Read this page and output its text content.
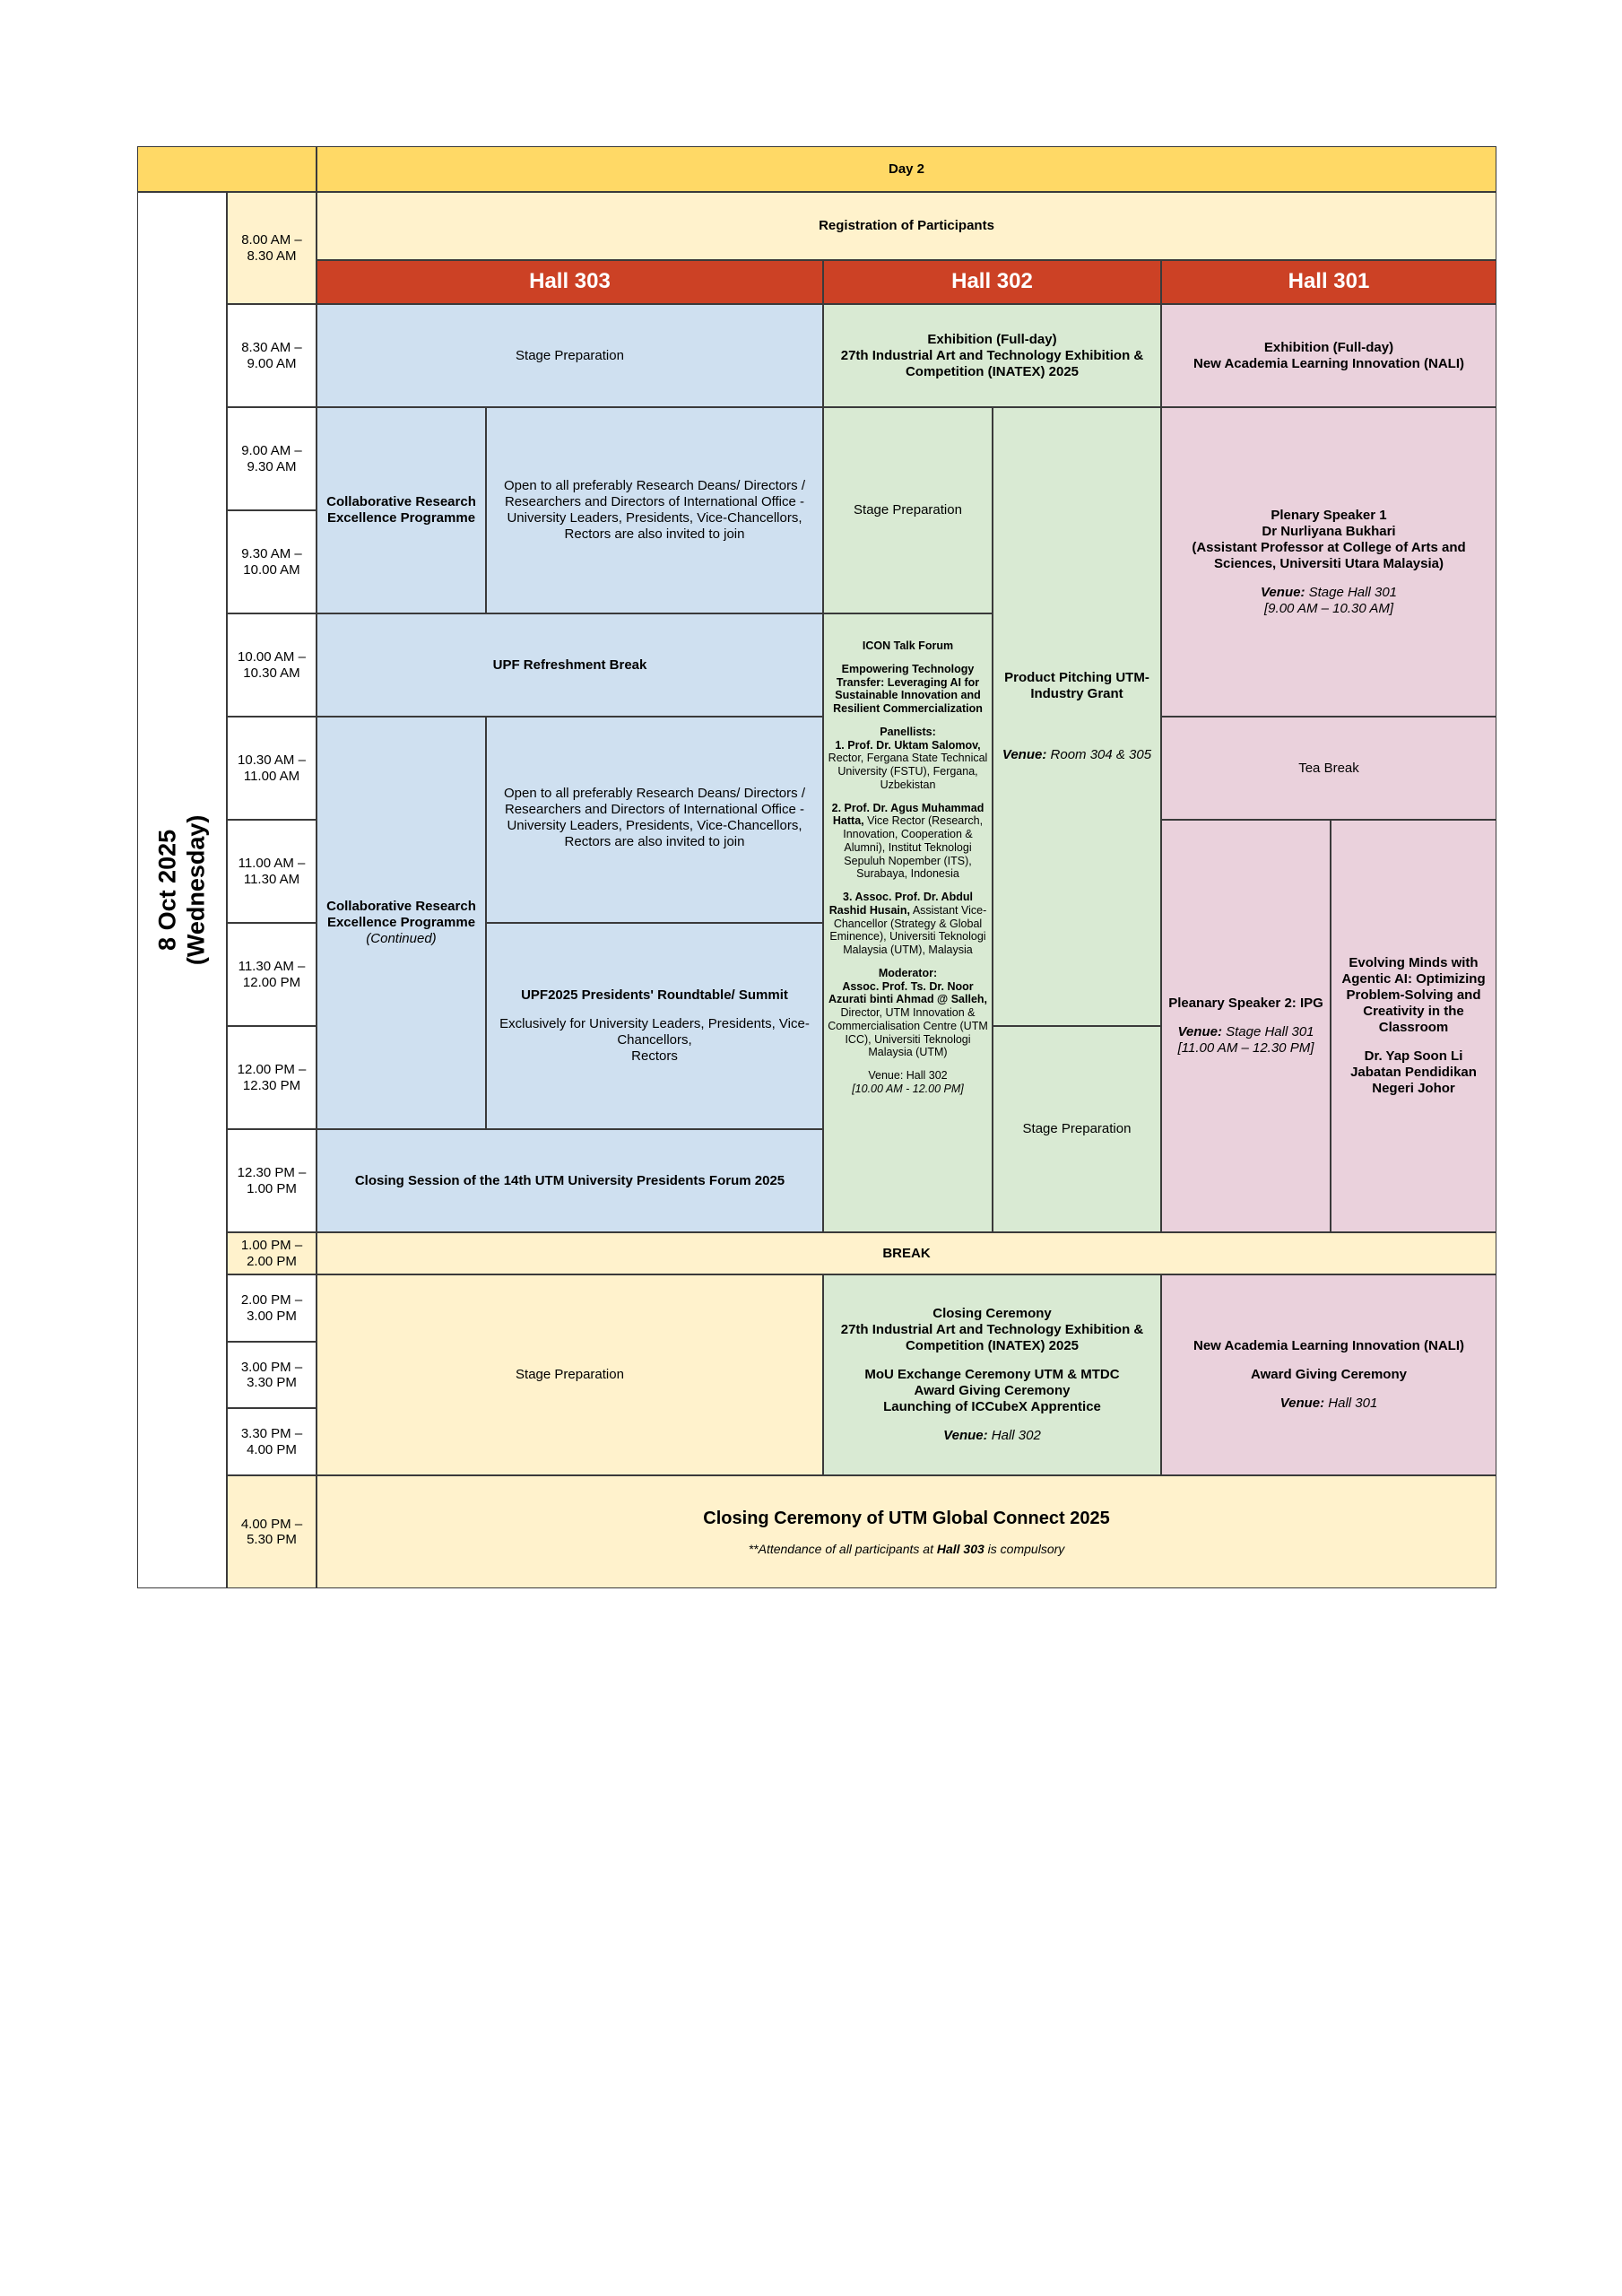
Day 2
8 Oct 2025 (Wednesday)
8.00 AM –
8.30 AM
8.30 AM –
9.00 AM
9.00 AM –
9.30 AM
9.30 AM –
10.00 AM
10.00 AM –
10.30 AM
10.30 AM –
11.00 AM
11.00 AM –
11.30 AM
11.30 AM –
12.00 PM
12.00 PM –
12.30 PM
12.30 PM –
1.00 PM
1.00 PM –
2.00 PM
2.00 PM –
3.00 PM
3.00 PM –
3.30 PM
3.30 PM –
4.00 PM
4.00 PM –
5.30 PM
Registration of Participants
Hall 303	Hall 302	Hall 301
Stage Preparation
Collaborative Research Excellence Programme
Open to all preferably Research Deans/ Directors / Researchers and Directors of International Office - University Leaders, Presidents, Vice-Chancellors, Rectors are also invited to join
UPF Refreshment Break
Collaborative Research Excellence Programme
(Continued)
Open to all preferably Research Deans/ Directors / Researchers and Directors of International Office - University Leaders, Presidents, Vice-Chancellors, Rectors are also invited to join
UPF2025 Presidents' Roundtable/ Summit
Exclusively for University Leaders, Presidents, Vice-Chancellors,
Rectors
Closing Session of the 14th UTM University Presidents Forum 2025
Exhibition (Full-day)
27th Industrial Art and Technology Exhibition & Competition (INATEX) 2025
Stage Preparation
ICON Talk Forum
Empowering Technology Transfer: Leveraging AI for Sustainable Innovation and Resilient Commercialization
Panellists:
1. Prof. Dr. Uktam Salomov, Rector, Fergana State Technical University (FSTU), Fergana, Uzbekistan
2. Prof. Dr. Agus Muhammad Hatta, Vice Rector (Research, Innovation, Cooperation & Alumni), Institut Teknologi Sepuluh Nopember (ITS), Surabaya, Indonesia
3. Assoc. Prof. Dr. Abdul Rashid Husain, Assistant Vice-Chancellor (Strategy & Global Eminence), Universiti Teknologi Malaysia (UTM), Malaysia
Moderator:
Assoc. Prof. Ts. Dr. Noor Azurati binti Ahmad @ Salleh, Director, UTM Innovation & Commercialisation Centre (UTM ICC), Universiti Teknologi Malaysia (UTM)
Venue: Hall 302
[10.00 AM - 12.00 PM]
Product Pitching UTM-Industry Grant
Venue: Room 304 & 305
Stage Preparation
Closing Ceremony
27th Industrial Art and Technology Exhibition & Competition (INATEX) 2025
MoU Exchange Ceremony UTM & MTDC
Award Giving Ceremony
Launching of ICCubeX Apprentice
Venue: Hall 302
Exhibition (Full-day)
New Academia Learning Innovation (NALI)
Plenary Speaker 1
Dr Nurliyana Bukhari
(Assistant Professor at College of Arts and Sciences, Universiti Utara Malaysia)
Venue: Stage Hall 301
[9.00 AM – 10.30 AM]
Tea Break
Pleanary Speaker 2: IPG
Venue: Stage Hall 301
[11.00 AM – 12.30 PM]
Evolving Minds with Agentic AI: Optimizing Problem-Solving and Creativity in the Classroom
Dr. Yap Soon Li
Jabatan Pendidikan Negeri Johor
New Academia Learning Innovation (NALI)
Award Giving Ceremony
Venue: Hall 301
BREAK
Stage Preparation
Closing Ceremony of UTM Global Connect 2025
**Attendance of all participants at Hall 303 is compulsory
